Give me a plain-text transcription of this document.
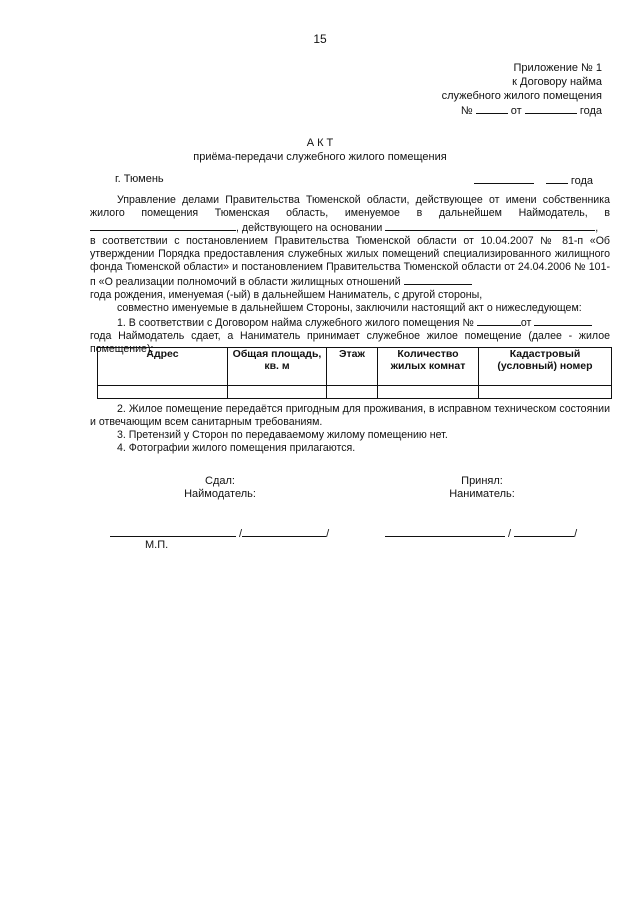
15
Приложение № 1
к Договору найма
служебного жилого помещения
№	от	года
А К Т
приёма-передачи служебного жилого помещения
г. Тюмень	года

Управление делами Правительства Тюменской области, действующее от имени собственника жилого помещения Тюменская область, именуемое в дальнейшем Наймодатель, в

, действующего на основании	,

в соответствии с постановлением Правительства Тюменской области от 10.04.2007 № 81-п «Об утверждении Порядка предоставления служебных жилых помещений специализированного жилищного фонда Тюменской области» и постановлением Правительства Тюменской области от 24.04.2006 № 101-п «О реализации полномочий в области жилищных отношений

года рождения, именуемая (-ый) в дальнейшем Наниматель, с другой стороны,

совместно именуемые в дальнейшем Стороны, заключили настоящий акт о нижеследующем:

1. В соответствии с Договором найма служебного жилого помещения №	от

года Наймодатель сдает, а Наниматель принимает служебное жилое помещение (далее - жилое помещение):

Адрес	Общая площадь, кв. м	Этаж	Количество жилых комнат	Кадастровый (условный) номер

2. Жилое помещение передаётся пригодным для проживания, в исправном техническом состоянии и отвечающим всем санитарным требованиям.

3. Претензий у Сторон по передаваемому жилому помещению нет.

4. Фотографии жилого помещения прилагаются.

Сдал:
Наймодатель:
Принял:
Наниматель:
/	/	/	/
М.П.
